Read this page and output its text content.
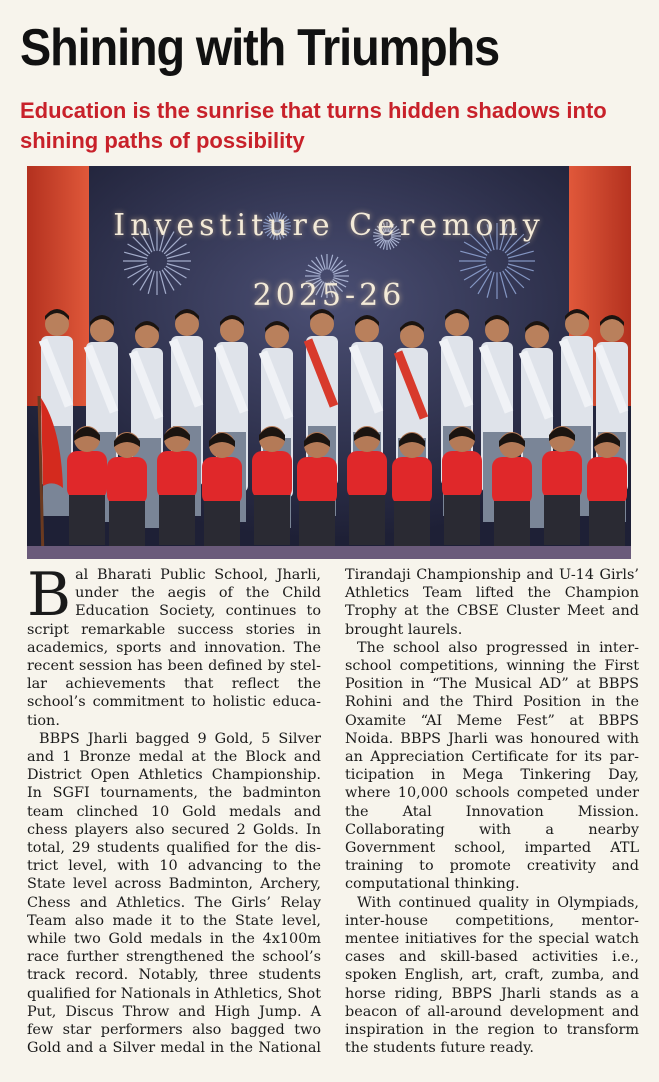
Shining with Triumphs
Education is the sunrise that turns hidden shadows into shining paths of possibility
Investiture Ceremony
2025-26

Bal Bharati Public School, Jharli, under the aegis of the Child Education Society, continues to script remarkable success stories in academics, sports and innovation. The recent session has been defined by stellar achievements that reflect the school’s commitment to holistic education.

BBPS Jharli bagged 9 Gold, 5 Silver and 1 Bronze medal at the Block and District Open Athletics Championship. In SGFI tournaments, the badminton team clinched 10 Gold medals and chess players also secured 2 Golds. In total, 29 students qualified for the district level, with 10 advancing to the State level across Badminton, Archery, Chess and Athletics. The Girls’ Relay Team also made it to the State level, while two Gold medals in the 4x100m race further strengthened the school’s track record. Notably, three students qualified for Nationals in Athletics, Shot Put, Discus Throw and High Jump. A few star performers also bagged two Gold and a Silver medal in the National Tirandaji Championship and U-14 Girls’ Athletics Team lifted the Champion Trophy at the CBSE Cluster Meet and brought laurels.

The school also progressed in interschool competitions, winning the First Position in “The Musical AD” at BBPS Rohini and the Third Position in the Oxamite “AI Meme Fest” at BBPS Noida. BBPS Jharli was honoured with an Appreciation Certificate for its participation in Mega Tinkering Day, where 10,000 schools competed under the Atal Innovation Mission. Collaborating with a nearby Government school, imparted ATL training to promote creativity and computational thinking.

With continued quality in Olympiads, inter-house competitions, mentor-mentee initiatives for the special watch cases and skill-based activities i.e., spoken English, art, craft, zumba, and horse riding, BBPS Jharli stands as a beacon of all-around development and inspiration in the region to transform the students future ready.
